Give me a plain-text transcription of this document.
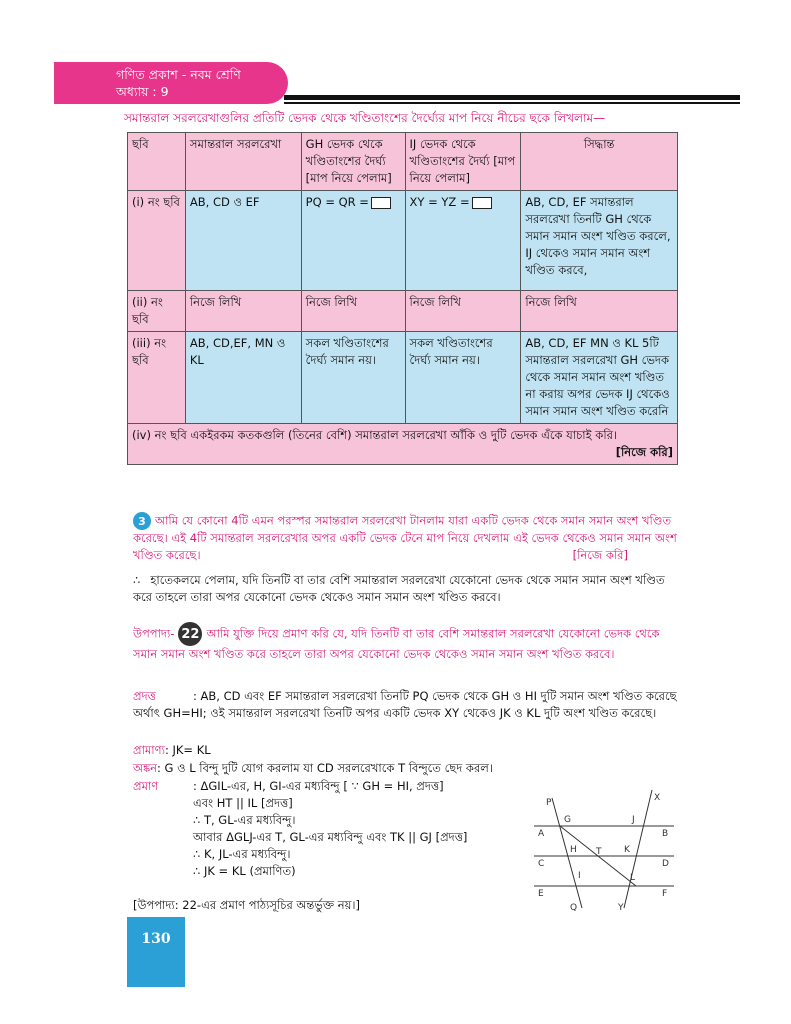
গণিত প্রকাশ - নবম শ্রেণি
অধ্যায় : 9
সমান্তরাল সরলরেখাগুলির প্রতিটি ভেদক থেকে খণ্ডিতাংশের দৈর্ঘ্যের মাপ নিয়ে নীচের ছকে লিখলাম—
ছবি	সমান্তরাল সরলরেখা	GH ভেদক থেকে খণ্ডিতাংশের দৈর্ঘ্য [মাপ নিয়ে পেলাম]	IJ ভেদক থেকে খণ্ডিতাংশের দৈর্ঘ্য [মাপ নিয়ে পেলাম]	সিদ্ধান্ত
(i) নং ছবি	AB, CD ও EF	PQ = QR =	XY = YZ =	AB, CD, EF সমান্তরাল সরলরেখা তিনটি GH থেকে সমান সমান অংশ খণ্ডিত করলে, IJ থেকেও সমান সমান অংশ খণ্ডিত করবে,
(ii) নং ছবি	নিজে লিখি	নিজে লিখি	নিজে লিখি	নিজে লিখি
(iii) নং ছবি	AB, CD,EF, MN ও KL	সকল খণ্ডিতাংশের দৈর্ঘ্য সমান নয়।	সকল খণ্ডিতাংশের দৈর্ঘ্য সমান নয়।	AB, CD, EF MN ও KL 5টি সমান্তরাল সরলরেখা GH ভেদক থেকে সমান সমান অংশ খণ্ডিত না করায় অপর ভেদক IJ থেকেও সমান সমান অংশ খণ্ডিত করেনি

(iv) নং ছবি একইরকম কতকগুলি (তিনের বেশি) সমান্তরাল সরলরেখা আঁকি ও দুটি ভেদক এঁকে যাচাই করি।
[নিজে করি]				
3 আমি যে কোনো 4টি এমন পরস্পর সমান্তরাল সরলরেখা টানলাম যারা একটি ভেদক থেকে সমান সমান অংশ খণ্ডিত করেছে। এই 4টি সমান্তরাল সরলরেখার অপর একটি ভেদক টেনে মাপ নিয়ে দেখলাম এই ভেদক থেকেও সমান সমান অংশ খণ্ডিত করেছে।	[নিজে করি]
∴ হাতেকলমে পেলাম, যদি তিনটি বা তার বেশি সমান্তরাল সরলরেখা যেকোনো ভেদক থেকে সমান সমান অংশ খণ্ডিত করে তাহলে তারা অপর যেকোনো ভেদক থেকেও সমান সমান অংশ খণ্ডিত করবে।
উপপাদ্য- 22 আমি যুক্তি দিয়ে প্রমাণ করি যে, যদি তিনটি বা তার বেশি সমান্তরাল সরলরেখা যেকোনো ভেদক থেকে সমান সমান অংশ খণ্ডিত করে তাহলে তারা অপর যেকোনো ভেদক থেকেও সমান সমান অংশ খণ্ডিত করবে।
প্রদত্ত	: AB, CD এবং EF সমান্তরাল সরলরেখা তিনটি PQ ভেদক থেকে GH ও HI দুটি সমান অংশ খণ্ডিত করেছে অর্থাৎ GH=HI; ওই সমান্তরাল সরলরেখা তিনটি অপর একটি ভেদক XY থেকেও JK ও KL দুটি অংশ খণ্ডিত করেছে।
প্রামাণ্য: JK= KL
অঙ্কন: G ও L বিন্দু দুটি যোগ করলাম যা CD সরলরেখাকে T বিন্দুতে ছেদ করল।
প্রমাণ	: ΔGIL-এর, H, GI-এর মধ্যবিন্দু [ ∵ GH = HI, প্রদত্ত]
এবং HT || IL [প্রদত্ত]
∴ T, GL-এর মধ্যবিন্দু।
আবার ΔGLJ-এর T, GL-এর মধ্যবিন্দু এবং TK || GJ [প্রদত্ত]
∴ K, JL-এর মধ্যবিন্দু।
∴ JK = KL (প্রমাণিত)
[উপপাদ্য: 22-এর প্রমাণ পাঠ্যসূচির অন্তর্ভুক্ত নয়।]
P	X
G	J
A	B
H T	K
C	D
I	L
E	F
Q	Y
130
